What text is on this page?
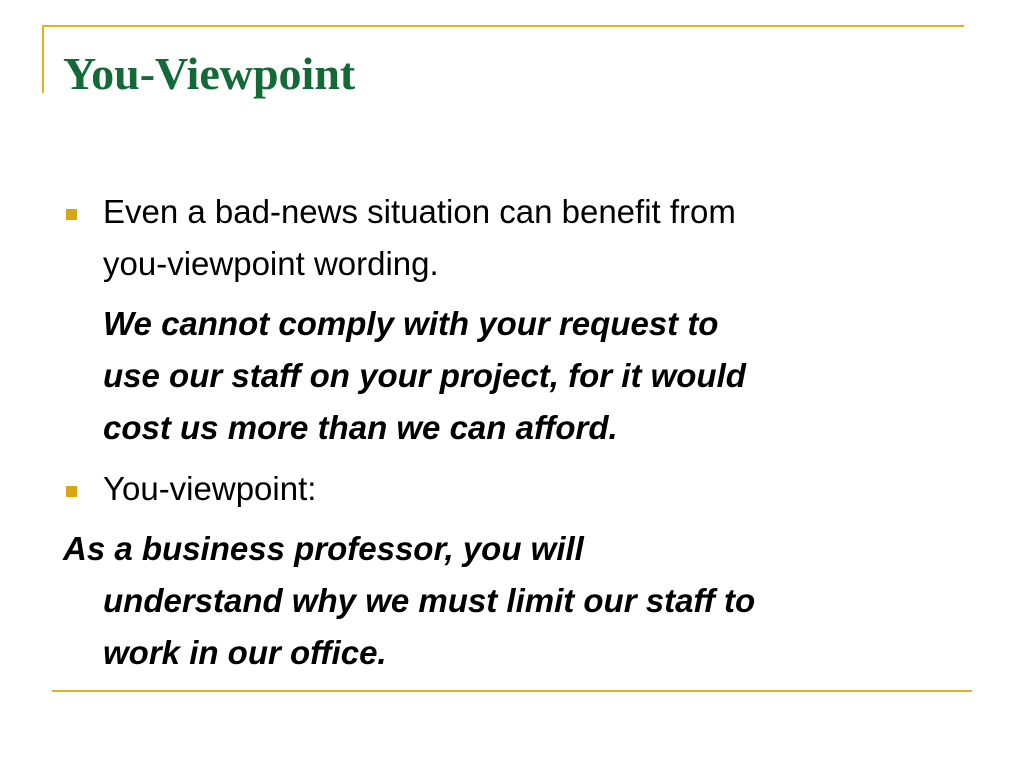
You-Viewpoint

Even a bad-news situation can benefit from
you-viewpoint wording.

We cannot comply with your request to
use our staff on your project, for it would
cost us more than we can afford.

You-viewpoint:

As a business professor, you will
understand why we must limit our staff to
work in our office.
